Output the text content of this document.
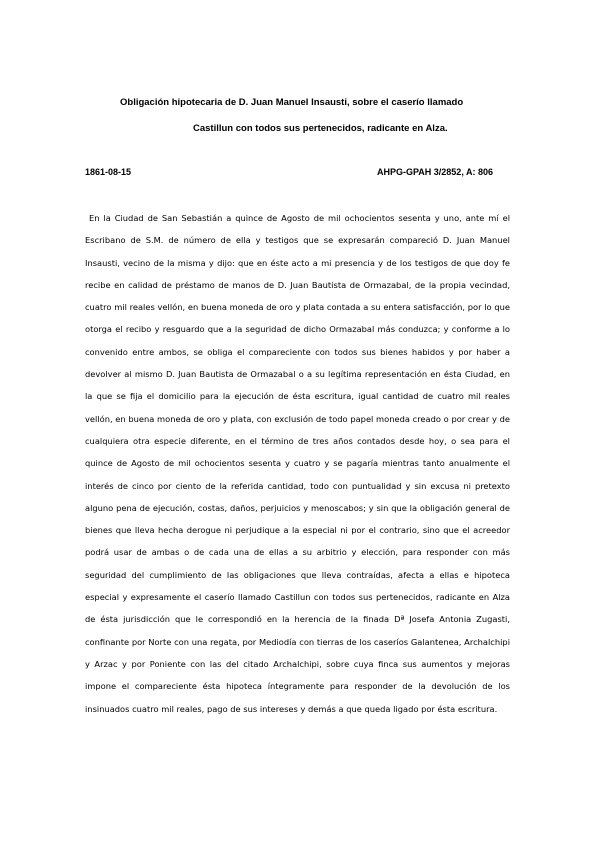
Obligación hipotecaria de D. Juan Manuel Insausti, sobre el caserío llamado
Castillun con todos sus pertenecidos, radicante en Alza.
1861-08-15	AHPG-GPAH 3/2852, A: 806

En la Ciudad de San Sebastián a quince de Agosto de mil ochocientos sesenta y uno, ante mí el Escribano de S.M. de número de ella y testigos que se expresarán compareció D. Juan Manuel Insausti, vecino de la misma y dijo: que en éste acto a mi presencia y de los testigos de que doy fe recibe en calidad de préstamo de manos de D. Juan Bautista de Ormazabal, de la propia vecindad, cuatro mil reales vellón, en buena moneda de oro y plata contada a su entera satisfacción, por lo que otorga el recibo y resguardo que a la seguridad de dicho Ormazabal más conduzca; y conforme a lo convenido entre ambos, se obliga el compareciente con todos sus bienes habidos y por haber a devolver al mismo D. Juan Bautista de Ormazabal o a su legítima representación en ésta Ciudad, en la que se fija el domicilio para la ejecución de ésta escritura, igual cantidad de cuatro mil reales vellón, en buena moneda de oro y plata, con exclusión de todo papel moneda creado o por crear y de cualquiera otra especie diferente, en el término de tres años contados desde hoy, o sea para el quince de Agosto de mil ochocientos sesenta y cuatro y se pagaría mientras tanto anualmente el interés de cinco por ciento de la referida cantidad, todo con puntualidad y sin excusa ni pretexto alguno pena de ejecución, costas, daños, perjuicios y menoscabos; y sin que la obligación general de bienes que lleva hecha derogue ni perjudique a la especial ni por el contrario, sino que el acreedor podrá usar de ambas o de cada una de ellas a su arbitrio y elección, para responder con más seguridad del cumplimiento de las obligaciones que lleva contraídas, afecta a ellas e hipoteca especial y expresamente el caserío llamado Castillun con todos sus pertenecidos, radicante en Alza de ésta jurisdicción que le correspondió en la herencia de la finada Dª Josefa Antonia Zugasti, confinante por Norte con una regata, por Mediodía con tierras de los caseríos Galantenea, Archalchipi y Arzac y por Poniente con las del citado Archalchipi, sobre cuya finca sus aumentos y mejoras impone el compareciente ésta hipoteca íntegramente para responder de la devolución de los insinuados cuatro mil reales, pago de sus intereses y demás a que queda ligado por ésta escritura.
